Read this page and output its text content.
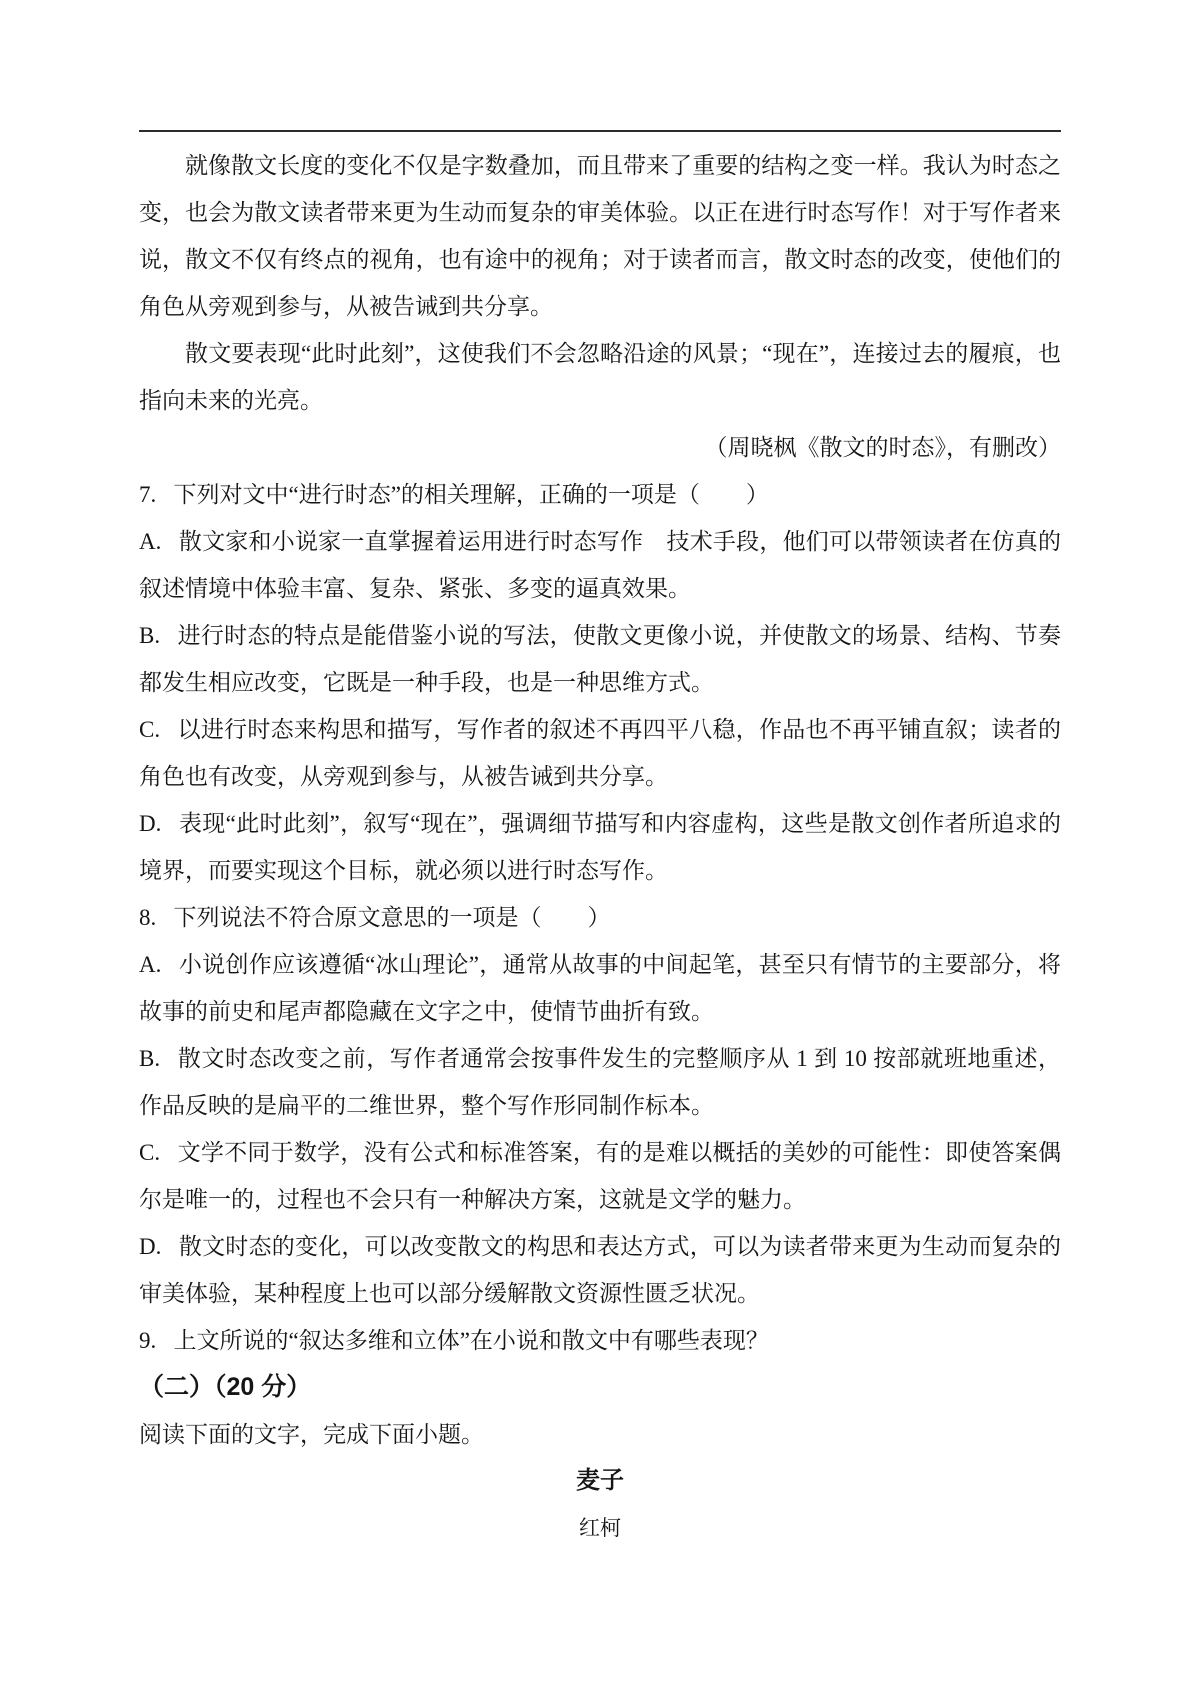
就像散文长度的变化不仅是字数叠加，而且带来了重要的结构之变一样。我认为时态之变，也会为散文读者带来更为生动而复杂的审美体验。以正在进行时态写作！对于写作者来说，散文不仅有终点的视角，也有途中的视角；对于读者而言，散文时态的改变，使他们的角色从旁观到参与，从被告诫到共分享。

散文要表现“此时此刻”，这使我们不会忽略沿途的风景；“现在”，连接过去的履痕，也指向未来的光亮。

（周晓枫《散文的时态》，有删改）

7. 下列对文中“进行时态”的相关理解，正确的一项是（　　）

A. 散文家和小说家一直掌握着运用进行时态写作　技术手段，他们可以带领读者在仿真的叙述情境中体验丰富、复杂、紧张、多变的逼真效果。

B. 进行时态的特点是能借鉴小说的写法，使散文更像小说，并使散文的场景、结构、节奏都发生相应改变，它既是一种手段，也是一种思维方式。

C. 以进行时态来构思和描写，写作者的叙述不再四平八稳，作品也不再平铺直叙；读者的角色也有改变，从旁观到参与，从被告诫到共分享。

D. 表现“此时此刻”，叙写“现在”，强调细节描写和内容虚构，这些是散文创作者所追求的境界，而要实现这个目标，就必须以进行时态写作。

8. 下列说法不符合原文意思的一项是（　　）

A. 小说创作应该遵循“冰山理论”，通常从故事的中间起笔，甚至只有情节的主要部分，将故事的前史和尾声都隐藏在文字之中，使情节曲折有致。

B. 散文时态改变之前，写作者通常会按事件发生的完整顺序从 1 到 10 按部就班地重述，作品反映的是扁平的二维世界，整个写作形同制作标本。

C. 文学不同于数学，没有公式和标准答案，有的是难以概括的美妙的可能性：即使答案偶尔是唯一的，过程也不会只有一种解决方案，这就是文学的魅力。

D. 散文时态的变化，可以改变散文的构思和表达方式，可以为读者带来更为生动而复杂的审美体验，某种程度上也可以部分缓解散文资源性匮乏状况。

9. 上文所说的“叙达多维和立体”在小说和散文中有哪些表现？

（二）（20 分）

阅读下面的文字，完成下面小题。

麦子

红柯
